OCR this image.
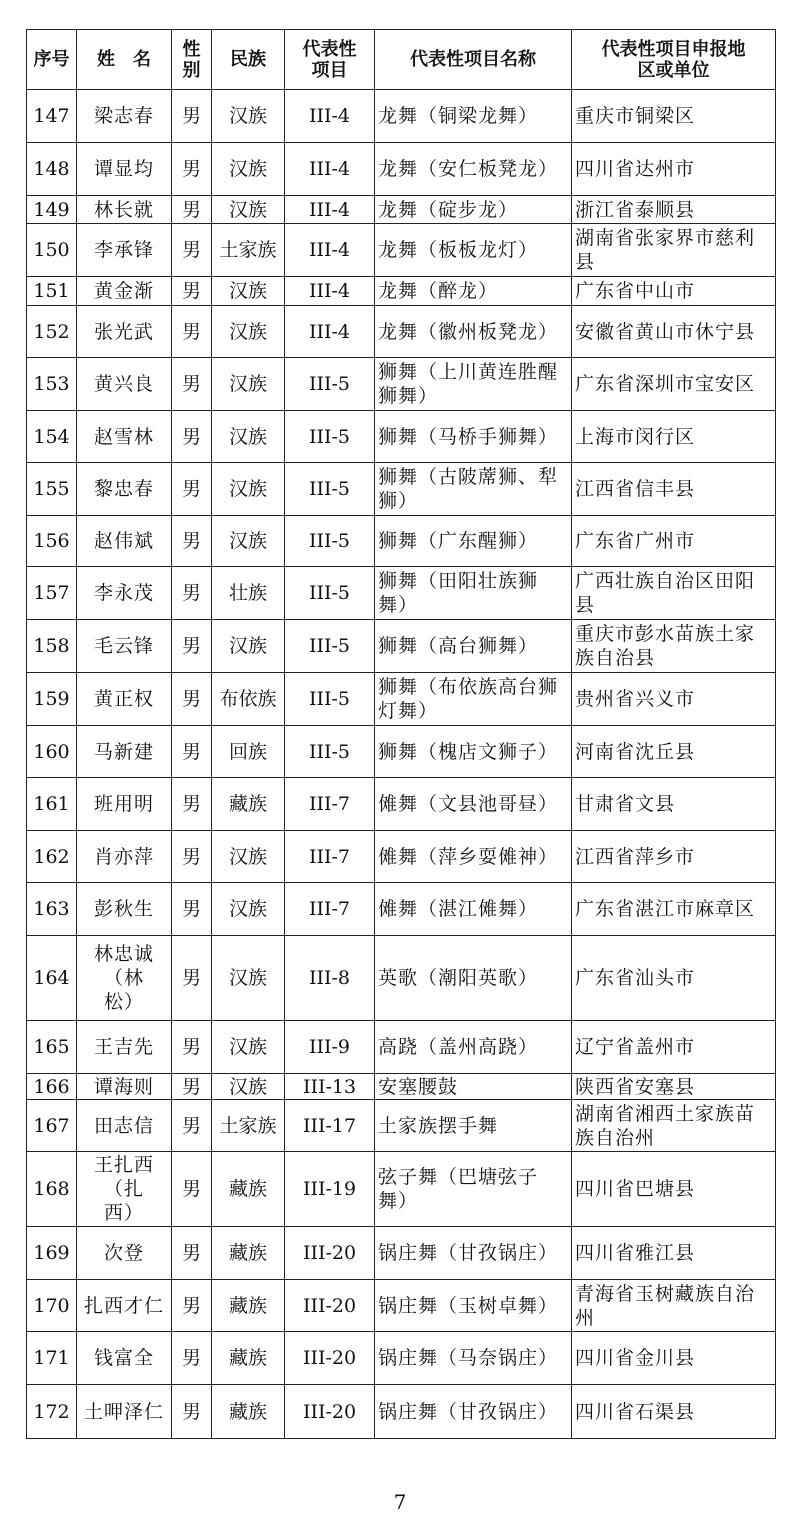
序号	姓　名	性别	民族	代表性项目	代表性项目名称	代表性项目申报地区或单位
147	梁志春	男	汉族	III-4	龙舞（铜梁龙舞）	重庆市铜梁区
148	谭显均	男	汉族	III-4	龙舞（安仁板凳龙）	四川省达州市
149	林长就	男	汉族	III-4	龙舞（碇步龙）	浙江省泰顺县
150	李承锋	男	土家族	III-4	龙舞（板板龙灯）	湖南省张家界市慈利县
151	黄金渐	男	汉族	III-4	龙舞（醉龙）	广东省中山市
152	张光武	男	汉族	III-4	龙舞（徽州板凳龙）	安徽省黄山市休宁县
153	黄兴良	男	汉族	III-5	狮舞（上川黄连胜醒狮舞）	广东省深圳市宝安区
154	赵雪林	男	汉族	III-5	狮舞（马桥手狮舞）	上海市闵行区
155	黎忠春	男	汉族	III-5	狮舞（古陂蓆狮、犁狮）	江西省信丰县
156	赵伟斌	男	汉族	III-5	狮舞（广东醒狮）	广东省广州市
157	李永茂	男	壮族	III-5	狮舞（田阳壮族狮舞）	广西壮族自治区田阳县
158	毛云锋	男	汉族	III-5	狮舞（高台狮舞）	重庆市彭水苗族土家族自治县
159	黄正权	男	布依族	III-5	狮舞（布依族高台狮灯舞）	贵州省兴义市
160	马新建	男	回族	III-5	狮舞（槐店文狮子）	河南省沈丘县
161	班用明	男	藏族	III-7	傩舞（文县池哥昼）	甘肃省文县
162	肖亦萍	男	汉族	III-7	傩舞（萍乡耍傩神）	江西省萍乡市
163	彭秋生	男	汉族	III-7	傩舞（湛江傩舞）	广东省湛江市麻章区
164	林忠诚（林松）	男	汉族	III-8	英歌（潮阳英歌）	广东省汕头市
165	王吉先	男	汉族	III-9	高跷（盖州高跷）	辽宁省盖州市
166	谭海则	男	汉族	III-13	安塞腰鼓	陕西省安塞县
167	田志信	男	土家族	III-17	土家族摆手舞	湖南省湘西土家族苗族自治州
168	王扎西（扎西）	男	藏族	III-19	弦子舞（巴塘弦子舞）	四川省巴塘县
169	次登	男	藏族	III-20	锅庄舞（甘孜锅庄）	四川省雅江县
170	扎西才仁	男	藏族	III-20	锅庄舞（玉树卓舞）	青海省玉树藏族自治州
171	钱富全	男	藏族	III-20	锅庄舞（马奈锅庄）	四川省金川县
172	土呷泽仁	男	藏族	III-20	锅庄舞（甘孜锅庄）	四川省石渠县
7
